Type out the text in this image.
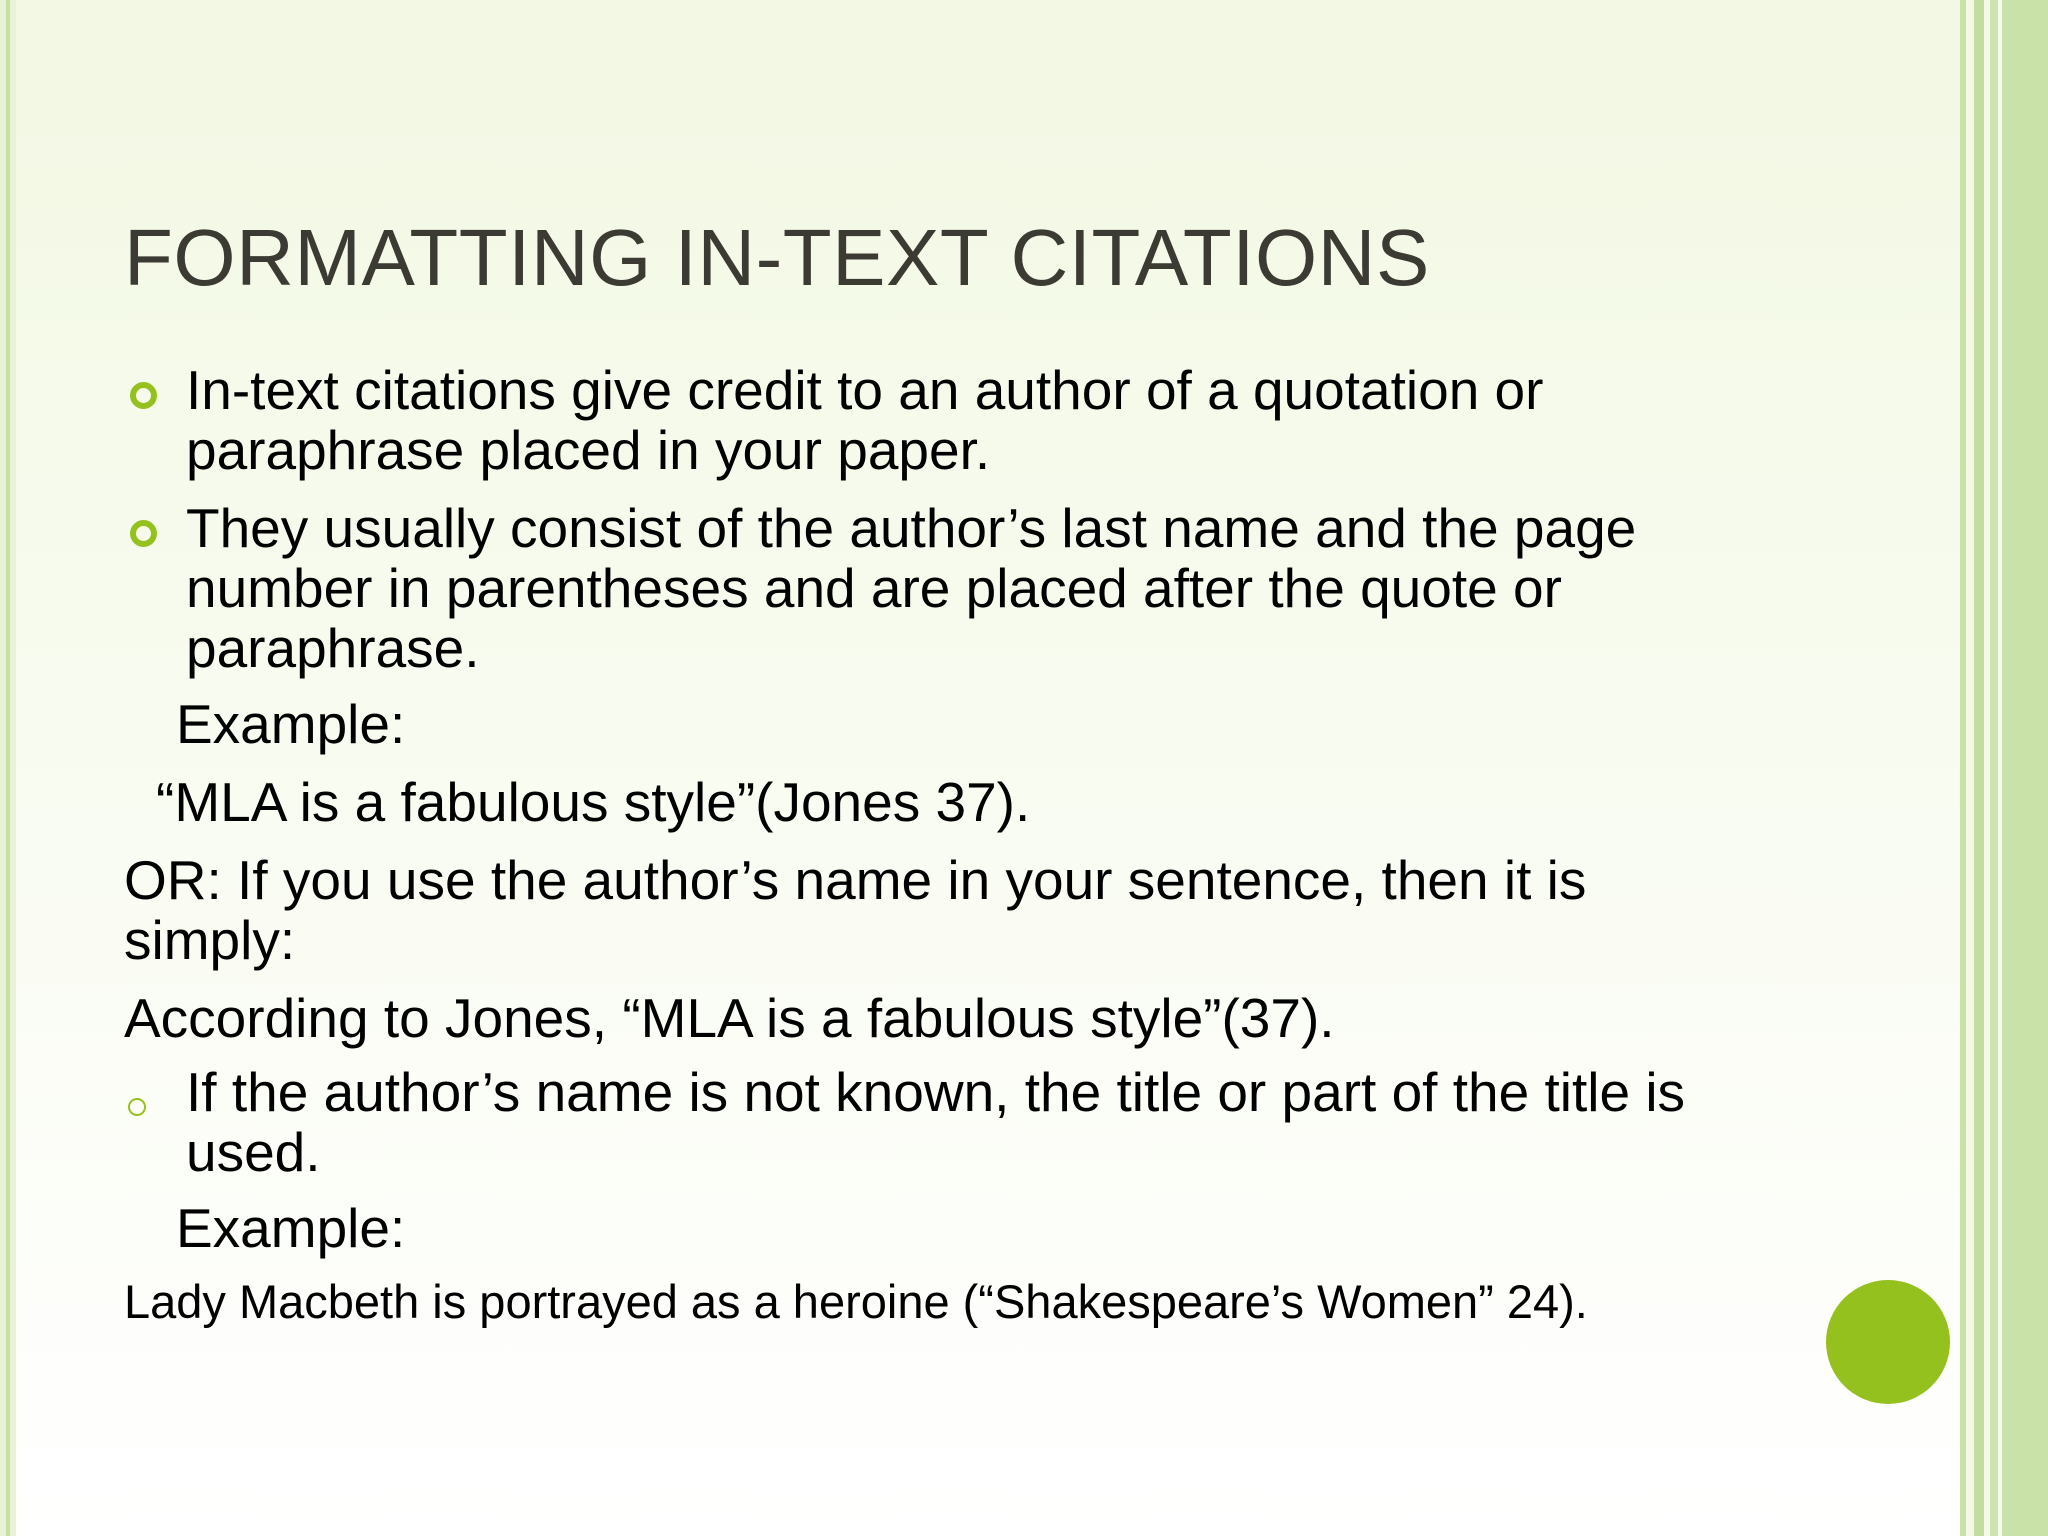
FORMATTING IN-TEXT CITATIONS
In-text citations give credit to an author of a quotation or paraphrase placed in your paper.
They usually consist of the author’s last name and the page number in parentheses and are placed after the quote or paraphrase.
Example:
“MLA is a fabulous style”(Jones 37).
OR: If you use the author’s name in your sentence, then it is simply:
According to Jones, “MLA is a fabulous style”(37).
If the author’s name is not known, the title or part of the title is used.
Example:
Lady Macbeth is portrayed as a heroine (“Shakespeare’s Women” 24).
